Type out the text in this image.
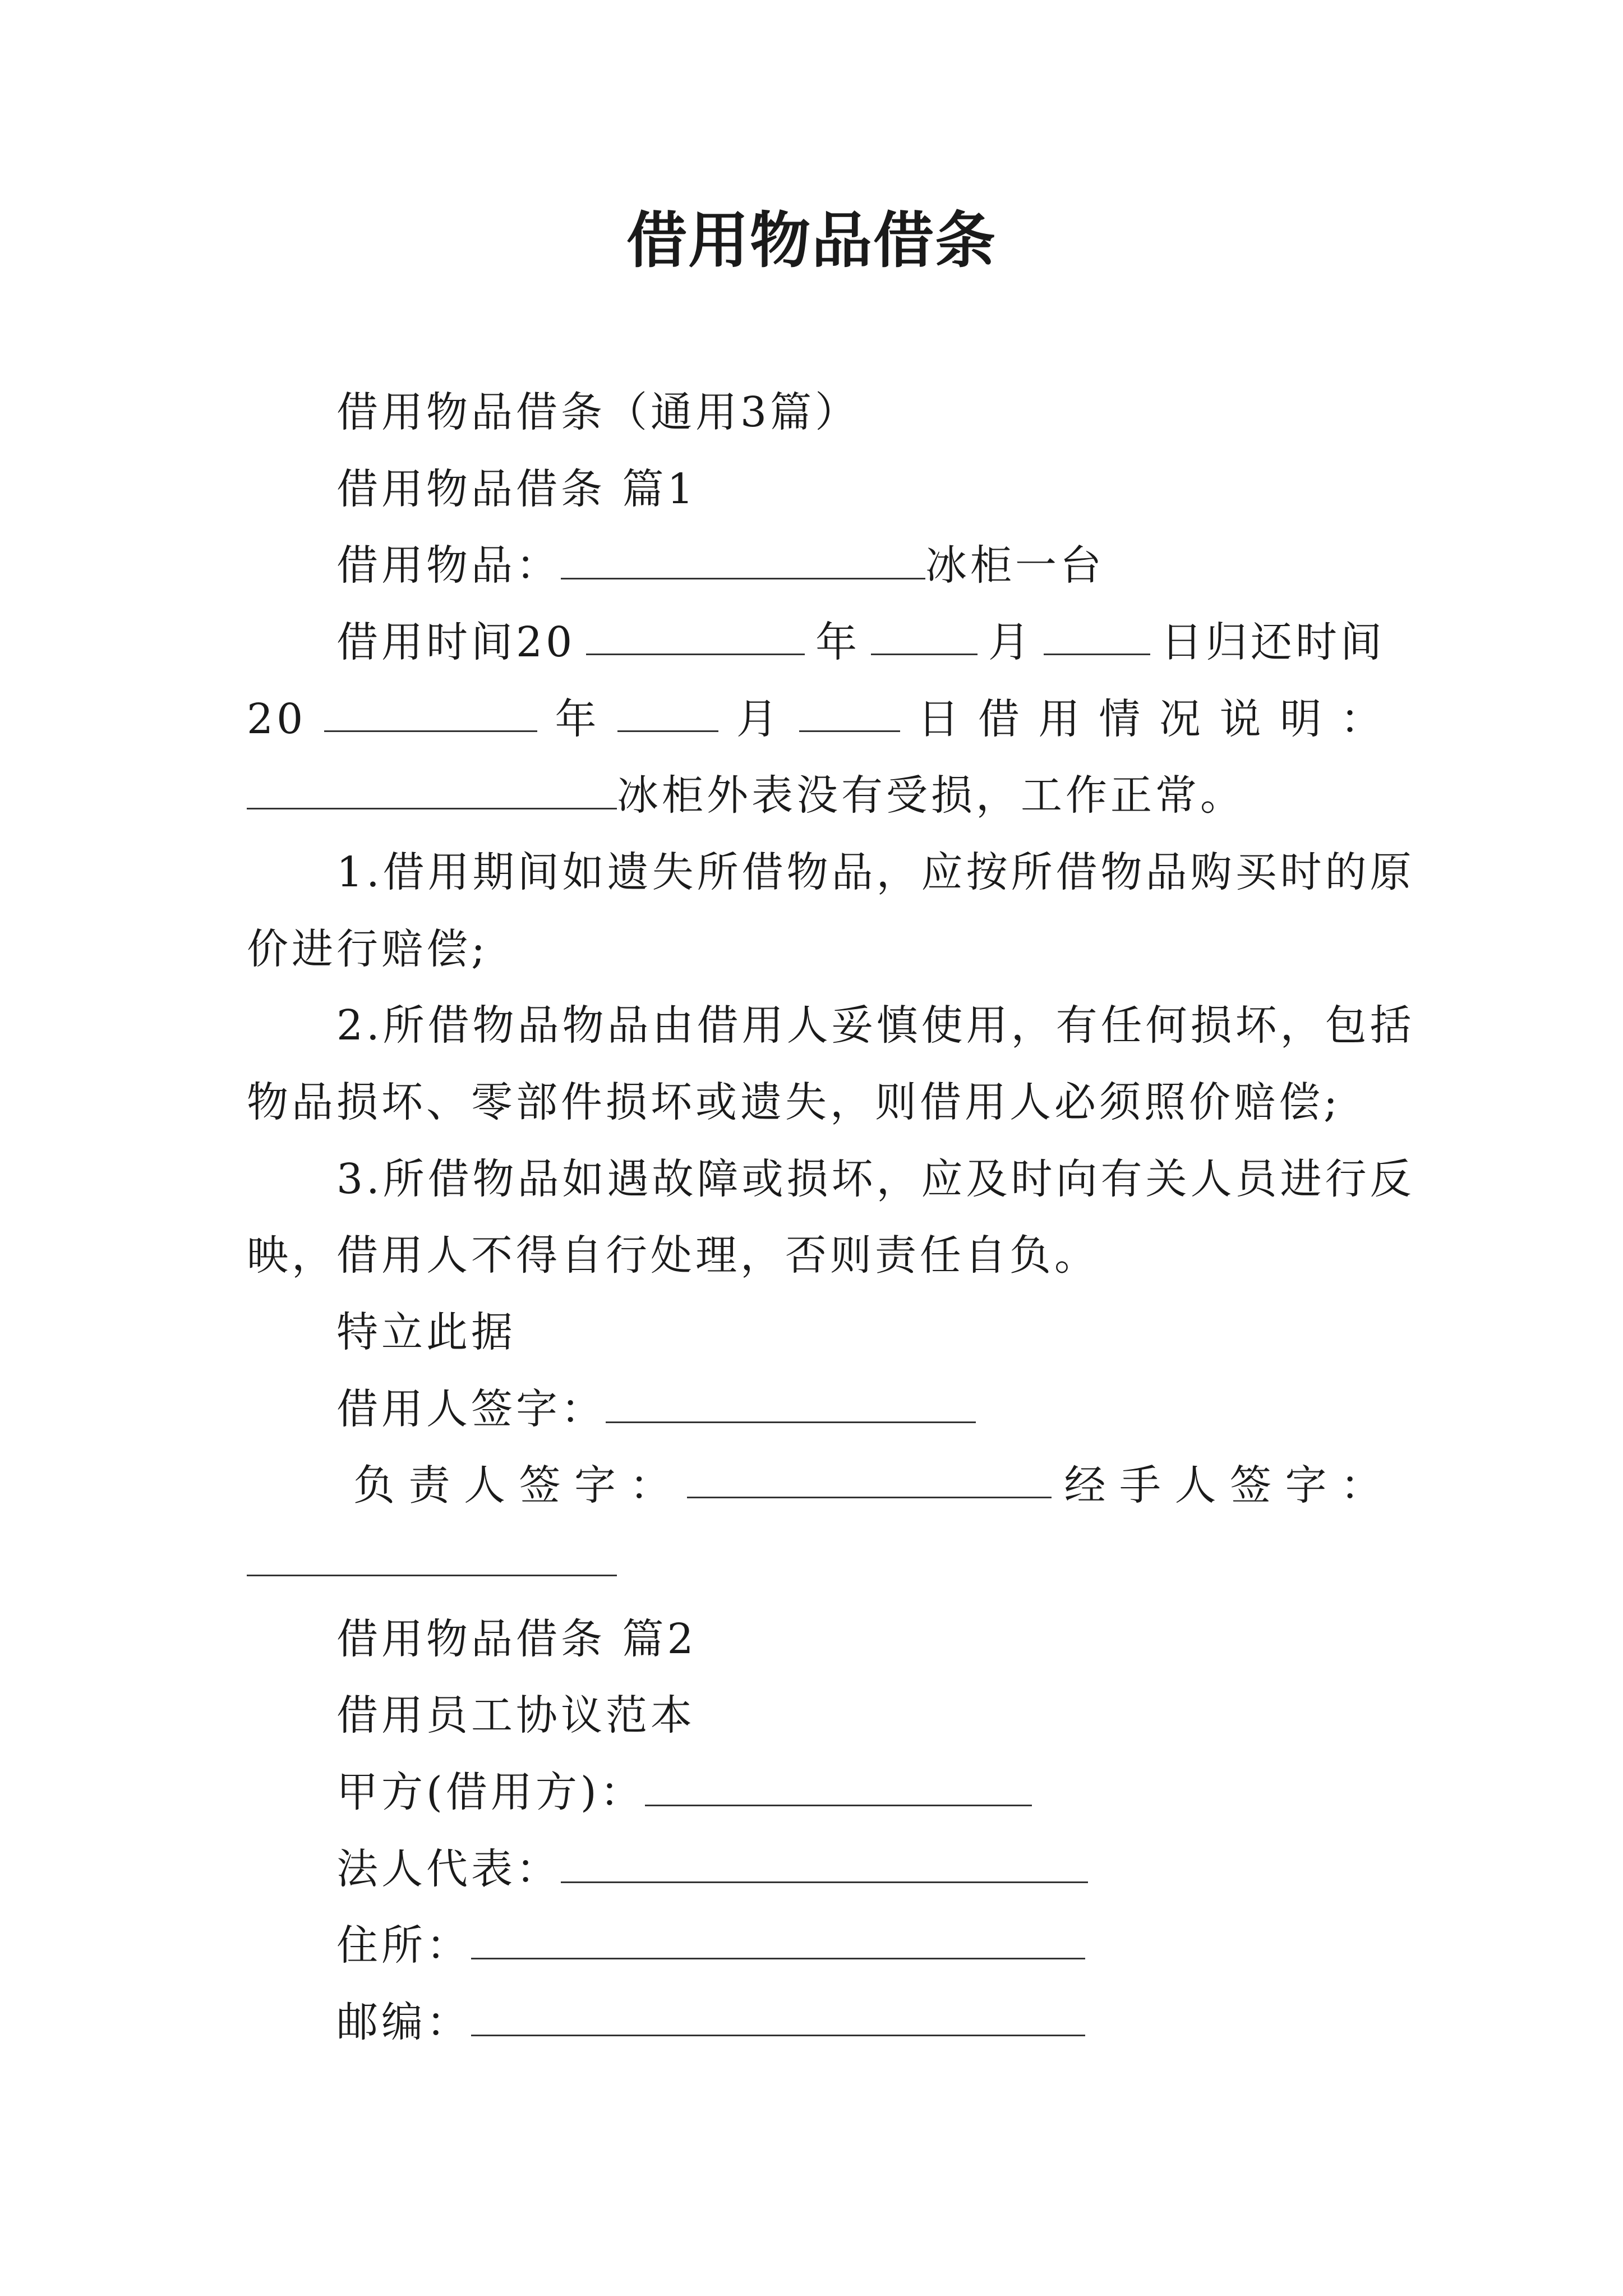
借用物品借条
借用物品借条（通用3篇）
借用物品借条 篇1
借用物品：	冰柜一台
借用时间20	年	月	日归还时间
20	年	月	日 借 用 情 况 说 明 ：
冰柜外表没有受损，工作正常。
1.借用期间如遗失所借物品，应按所借物品购买时的原
价进行赔偿;
2.所借物品物品由借用人妥慎使用，有任何损坏，包括
物品损坏、零部件损坏或遗失，则借用人必须照价赔偿;
3.所借物品如遇故障或损坏，应及时向有关人员进行反
映，借用人不得自行处理，否则责任自负。
特立此据
借用人签字：
负 责 人 签 字 ：	经 手 人 签 字 ：
借用物品借条 篇2
借用员工协议范本
甲方(借用方)：
法人代表：
住所：
邮编：
